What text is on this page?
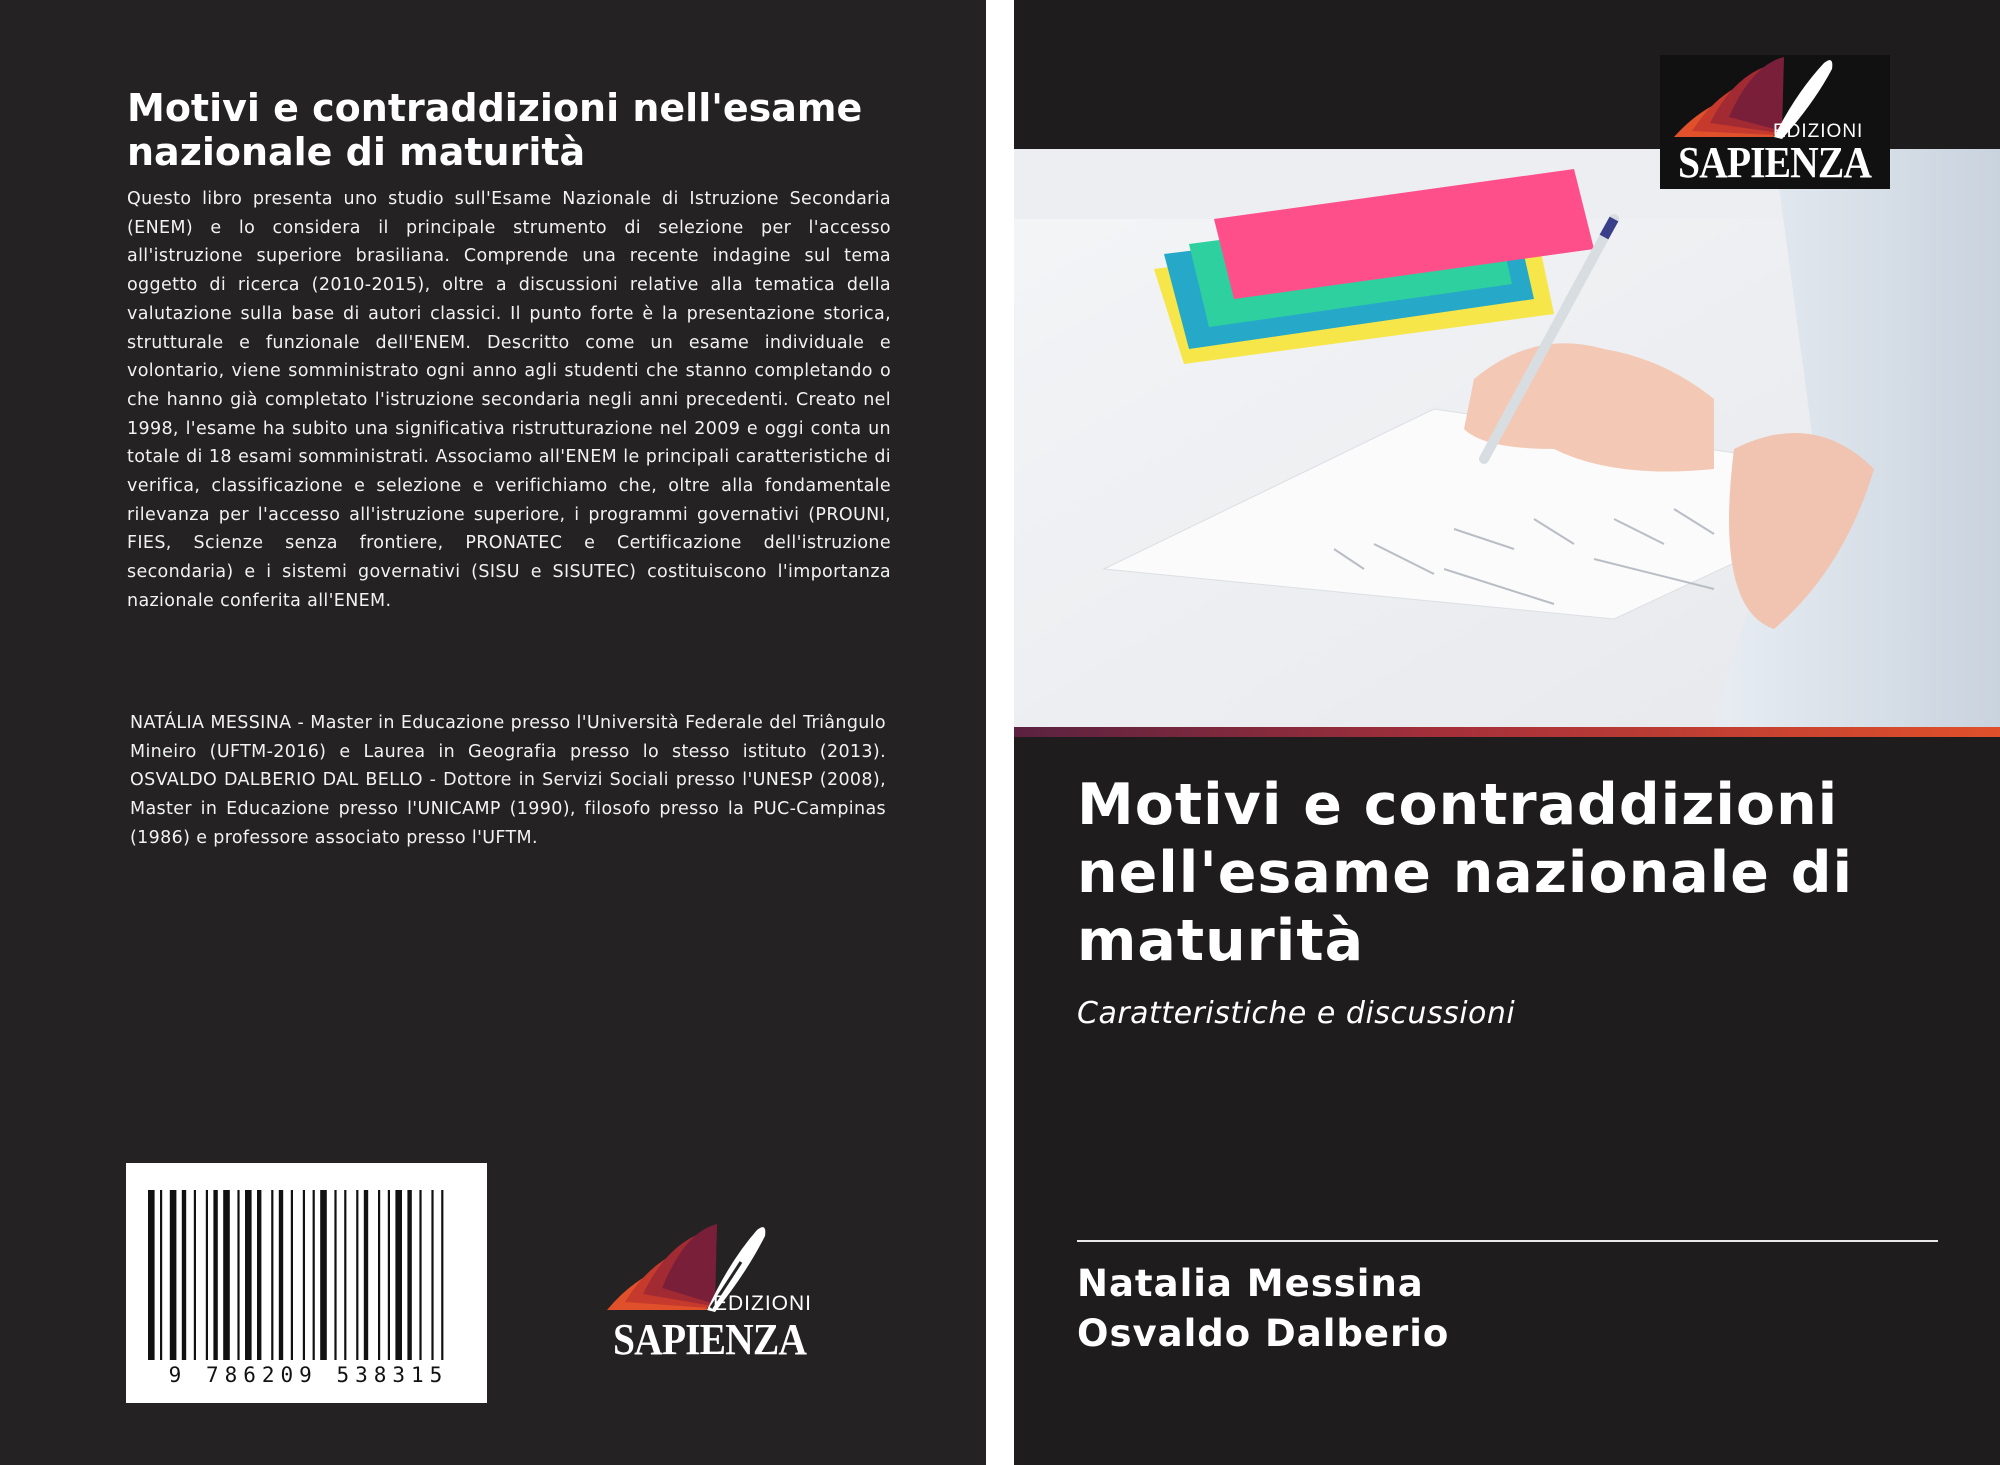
Motivi e contraddizioni nell'esame nazionale di maturità

Questo libro presenta uno studio sull'Esame Nazionale di Istruzione Secondaria (ENEM) e lo considera il principale strumento di selezione per l'accesso all'istruzione superiore brasiliana. Comprende una recente indagine sul tema oggetto di ricerca (2010-2015), oltre a discussioni relative alla tematica della valutazione sulla base di autori classici. Il punto forte è la presentazione storica, strutturale e funzionale dell'ENEM. Descritto come un esame individuale e volontario, viene somministrato ogni anno agli studenti che stanno completando o che hanno già completato l'istruzione secondaria negli anni precedenti. Creato nel 1998, l'esame ha subito una significativa ristrutturazione nel 2009 e oggi conta un totale di 18 esami somministrati. Associamo all'ENEM le principali caratteristiche di verifica, classificazione e selezione e verifichiamo che, oltre alla fondamentale rilevanza per l'accesso all'istruzione superiore, i programmi governativi (PROUNI, FIES, Scienze senza frontiere, PRONATEC e Certificazione dell'istruzione secondaria) e i sistemi governativi (SISU e SISUTEC) costituiscono l'importanza nazionale conferita all'ENEM.

NATÁLIA MESSINA - Master in Educazione presso l'Università Federale del Triângulo Mineiro (UFTM-2016) e Laurea in Geografia presso lo stesso istituto (2013). OSVALDO DALBERIO DAL BELLO - Dottore in Servizi Sociali presso l'UNESP (2008), Master in Educazione presso l'UNICAMP (1990), filosofo presso la PUC-Campinas (1986) e professore associato presso l'UFTM.

9 786209 538315
EDIZIONI
SAPIENZA
EDIZIONI
SAPIENZA
Motivi e contraddizioni nell'esame nazionale di maturità
Caratteristiche e discussioni
Natalia Messina
Osvaldo Dalberio
